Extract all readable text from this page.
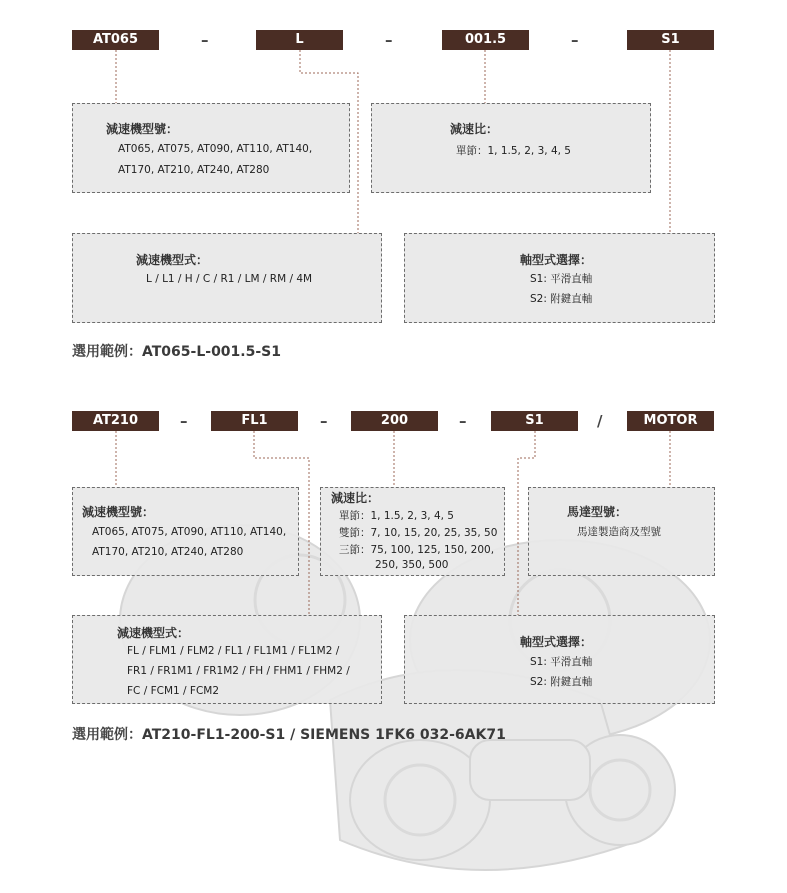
AT065	–	L	–	001.5	–	S1
減速機型號：
AT065, AT075, AT090, AT110, AT140,
AT170, AT210, AT240, AT280
減速比：
單節：1, 1.5, 2, 3, 4, 5
減速機型式：
L / L1 / H / C / R1 / LM / RM / 4M
軸型式選擇：
S1: 平滑直軸
S2: 附鍵直軸
選用範例：AT065-L-001.5-S1
AT210	–	FL1	–	200	–	S1	/	MOTOR
減速機型號：
AT065, AT075, AT090, AT110, AT140,
AT170, AT210, AT240, AT280
減速比：
單節：1, 1.5, 2, 3, 4, 5
雙節：7, 10, 15, 20, 25, 35, 50
三節：75, 100, 125, 150, 200,
250, 350, 500
馬達型號：
馬達製造商及型號
減速機型式：
FL / FLM1 / FLM2 / FL1 / FL1M1 / FL1M2 /
FR1 / FR1M1 / FR1M2 / FH / FHM1 / FHM2 /
FC / FCM1 / FCM2
軸型式選擇：
S1: 平滑直軸
S2: 附鍵直軸
選用範例：AT210-FL1-200-S1 / SIEMENS 1FK6 032-6AK71
